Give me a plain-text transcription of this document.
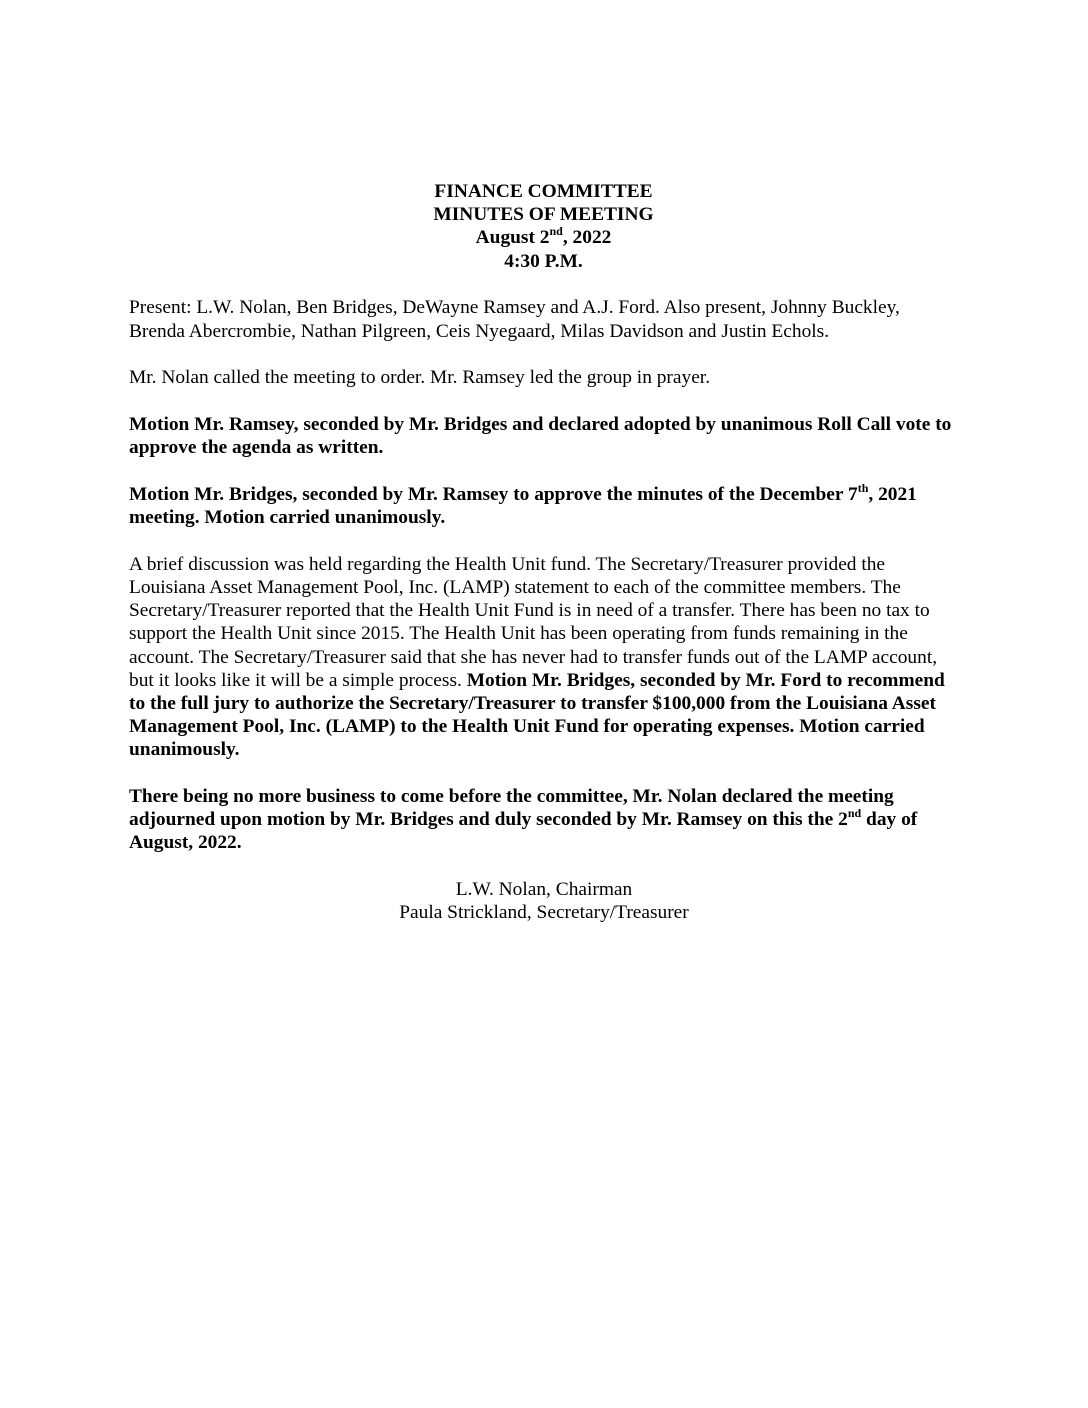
FINANCE COMMITTEE
MINUTES OF MEETING
August 2nd, 2022
4:30 P.M.

Present: L.W. Nolan, Ben Bridges, DeWayne Ramsey and A.J. Ford. Also present, Johnny Buckley, Brenda Abercrombie, Nathan Pilgreen, Ceis Nyegaard, Milas Davidson and Justin Echols.

Mr. Nolan called the meeting to order. Mr. Ramsey led the group in prayer.

Motion Mr. Ramsey, seconded by Mr. Bridges and declared adopted by unanimous Roll Call vote to approve the agenda as written.

Motion Mr. Bridges, seconded by Mr. Ramsey to approve the minutes of the December 7th, 2021 meeting. Motion carried unanimously.

A brief discussion was held regarding the Health Unit fund. The Secretary/Treasurer provided the Louisiana Asset Management Pool, Inc. (LAMP) statement to each of the committee members. The Secretary/Treasurer reported that the Health Unit Fund is in need of a transfer. There has been no tax to support the Health Unit since 2015. The Health Unit has been operating from funds remaining in the account. The Secretary/Treasurer said that she has never had to transfer funds out of the LAMP account, but it looks like it will be a simple process. Motion Mr. Bridges, seconded by Mr. Ford to recommend to the full jury to authorize the Secretary/Treasurer to transfer $100,000 from the Louisiana Asset Management Pool, Inc. (LAMP) to the Health Unit Fund for operating expenses. Motion carried unanimously.

There being no more business to come before the committee, Mr. Nolan declared the meeting adjourned upon motion by Mr. Bridges and duly seconded by Mr. Ramsey on this the 2nd day of August, 2022.

L.W. Nolan, Chairman
Paula Strickland, Secretary/Treasurer
